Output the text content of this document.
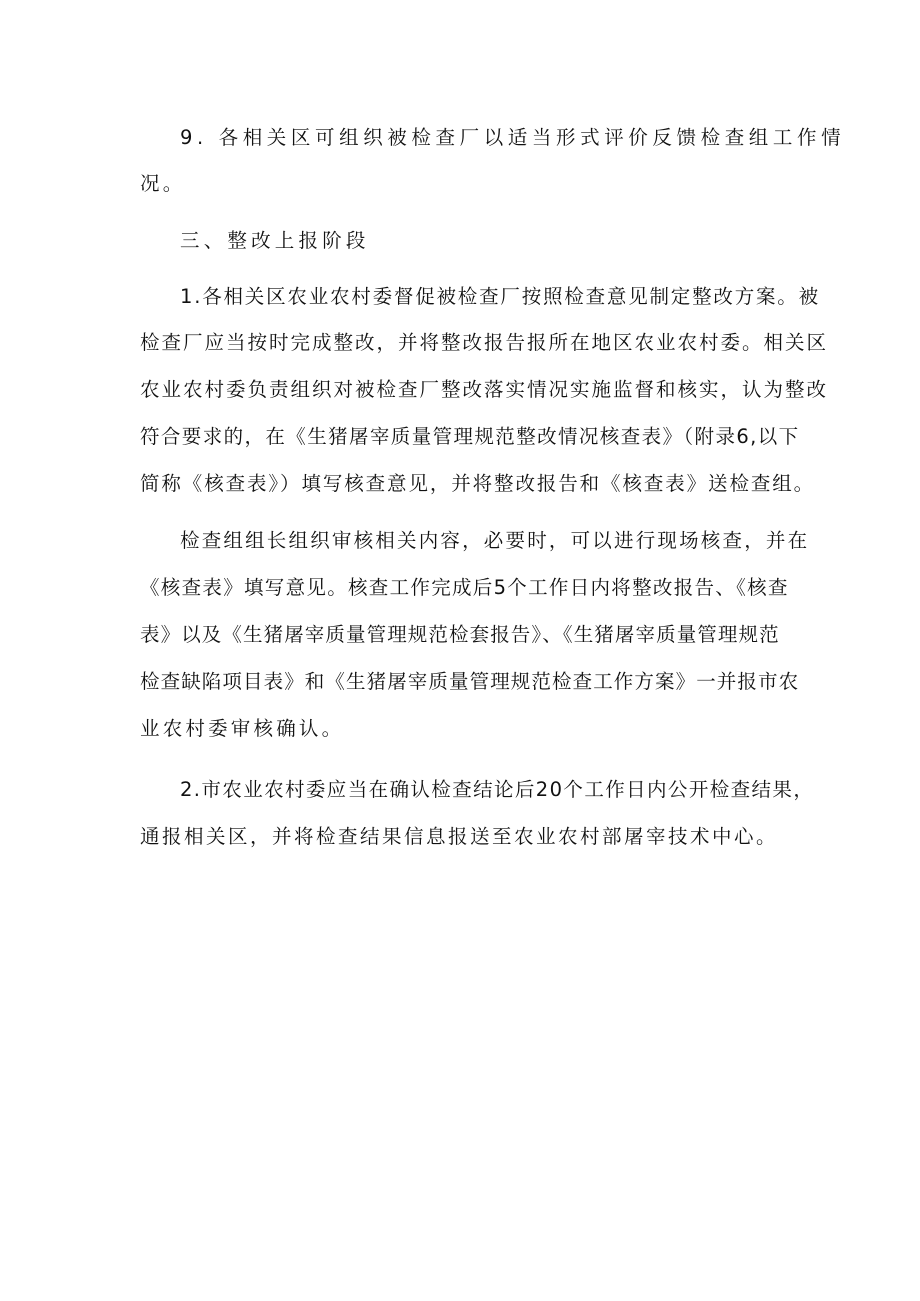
9. 各相关区可组织被检查厂以适当形式评价反馈检查组工作情

况。

三、整改上报阶段

1.各相关区农业农村委督促被检查厂按照检查意见制定整改方案。被

检查厂应当按时完成整改，并将整改报告报所在地区农业农村委。相关区

农业农村委负责组织对被检查厂整改落实情况实施监督和核实，认为整改

符合要求的，在《生猪屠宰质量管理规范整改情况核查表》（附录6,以下

简称《核查表》）填写核查意见，并将整改报告和《核查表》送检查组。

检查组组长组织审核相关内容，必要时，可以进行现场核查，并在

《核查表》填写意见。核查工作完成后5个工作日内将整改报告、《核查

表》以及《生猪屠宰质量管理规范检套报告》、《生猪屠宰质量管理规范

检查缺陷项目表》和《生猪屠宰质量管理规范检查工作方案》一并报市农

业农村委审核确认。

2.市农业农村委应当在确认检查结论后20个工作日内公开检查结果，

通报相关区，并将检查结果信息报送至农业农村部屠宰技术中心。
